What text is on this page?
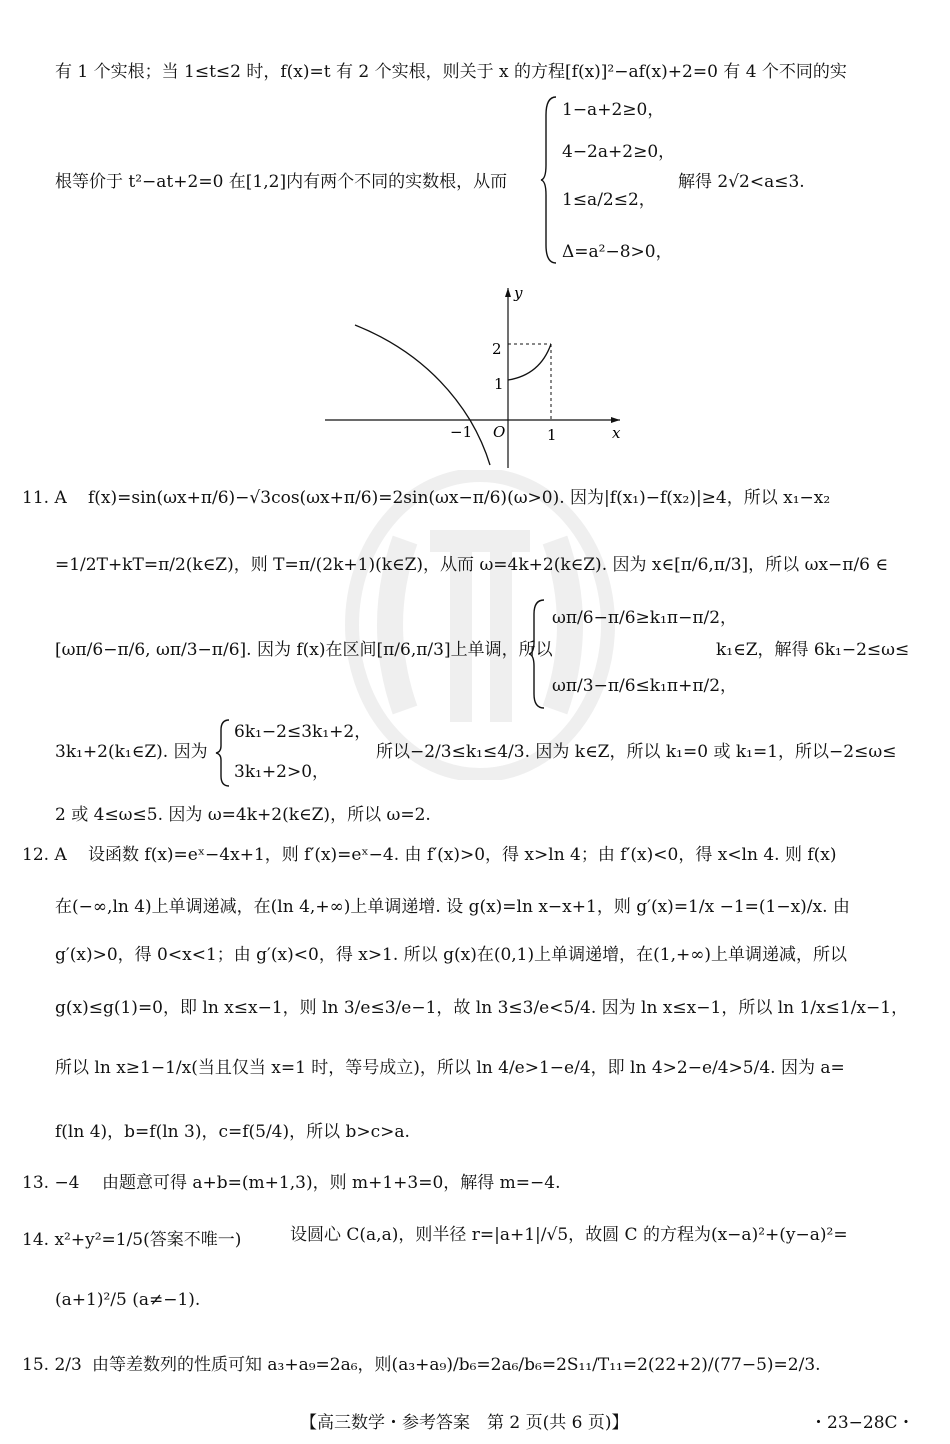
有 1 个实根；当 1≤t≤2 时，f(x)=t 有 2 个实根，则关于 x 的方程[f(x)]²−af(x)+2=0 有 4 个不同的实
根等价于 t²−at+2=0 在[1,2]内有两个不同的实数根，从而
1−a+2≥0，
4−2a+2≥0，
1≤a/2≤2，
Δ=a²−8>0，
解得 2√2<a≤3.
y
x
O
−1	1
1
2
11. A f(x)=sin(ωx+π/6)−√3cos(ωx+π/6)=2sin(ωx−π/6)(ω>0). 因为|f(x₁)−f(x₂)|≥4，所以 x₁−x₂
=1/2T+kT=π/2(k∈Z)，则 T=π/(2k+1)(k∈Z)，从而 ω=4k+2(k∈Z). 因为 x∈[π/6,π/3]，所以 ωx−π/6 ∈
[ωπ/6−π/6, ωπ/3−π/6]. 因为 f(x)在区间[π/6,π/3]上单调，所以
ωπ/6−π/6≥k₁π−π/2，
ωπ/3−π/6≤k₁π+π/2，
k₁∈Z，解得 6k₁−2≤ω≤
3k₁+2(k₁∈Z). 因为
6k₁−2≤3k₁+2，
3k₁+2>0，
所以−2/3≤k₁≤4/3. 因为 k∈Z，所以 k₁=0 或 k₁=1，所以−2≤ω≤
2 或 4≤ω≤5. 因为 ω=4k+2(k∈Z)，所以 ω=2.
12. A 设函数 f(x)=eˣ−4x+1，则 f′(x)=eˣ−4. 由 f′(x)>0，得 x>ln 4；由 f′(x)<0，得 x<ln 4. 则 f(x)
在(−∞,ln 4)上单调递减，在(ln 4,+∞)上单调递增. 设 g(x)=ln x−x+1，则 g′(x)=1/x −1=(1−x)/x. 由
g′(x)>0，得 0<x<1；由 g′(x)<0，得 x>1. 所以 g(x)在(0,1)上单调递增，在(1,+∞)上单调递减，所以
g(x)≤g(1)=0，即 ln x≤x−1，则 ln 3/e≤3/e−1，故 ln 3≤3/e<5/4. 因为 ln x≤x−1，所以 ln 1/x≤1/x−1，
所以 ln x≥1−1/x(当且仅当 x=1 时，等号成立)，所以 ln 4/e>1−e/4，即 ln 4>2−e/4>5/4. 因为 a=
f(ln 4)，b=f(ln 3)，c=f(5/4)，所以 b>c>a.
13. −4 由题意可得 a+b=(m+1,3)，则 m+1+3=0，解得 m=−4.
14. x²+y²=1/5(答案不唯一)	设圆心 C(a,a)，则半径 r=|a+1|/√5，故圆 C 的方程为(x−a)²+(y−a)²=
(a+1)²/5 (a≠−1).
15. 2/3 由等差数列的性质可知 a₃+a₉=2a₆，则(a₃+a₉)/b₆=2a₆/b₆=2S₁₁/T₁₁=2(22+2)/(77−5)=2/3.
【高三数学・参考答案　第 2 页(共 6 页)】	・23−28C・
